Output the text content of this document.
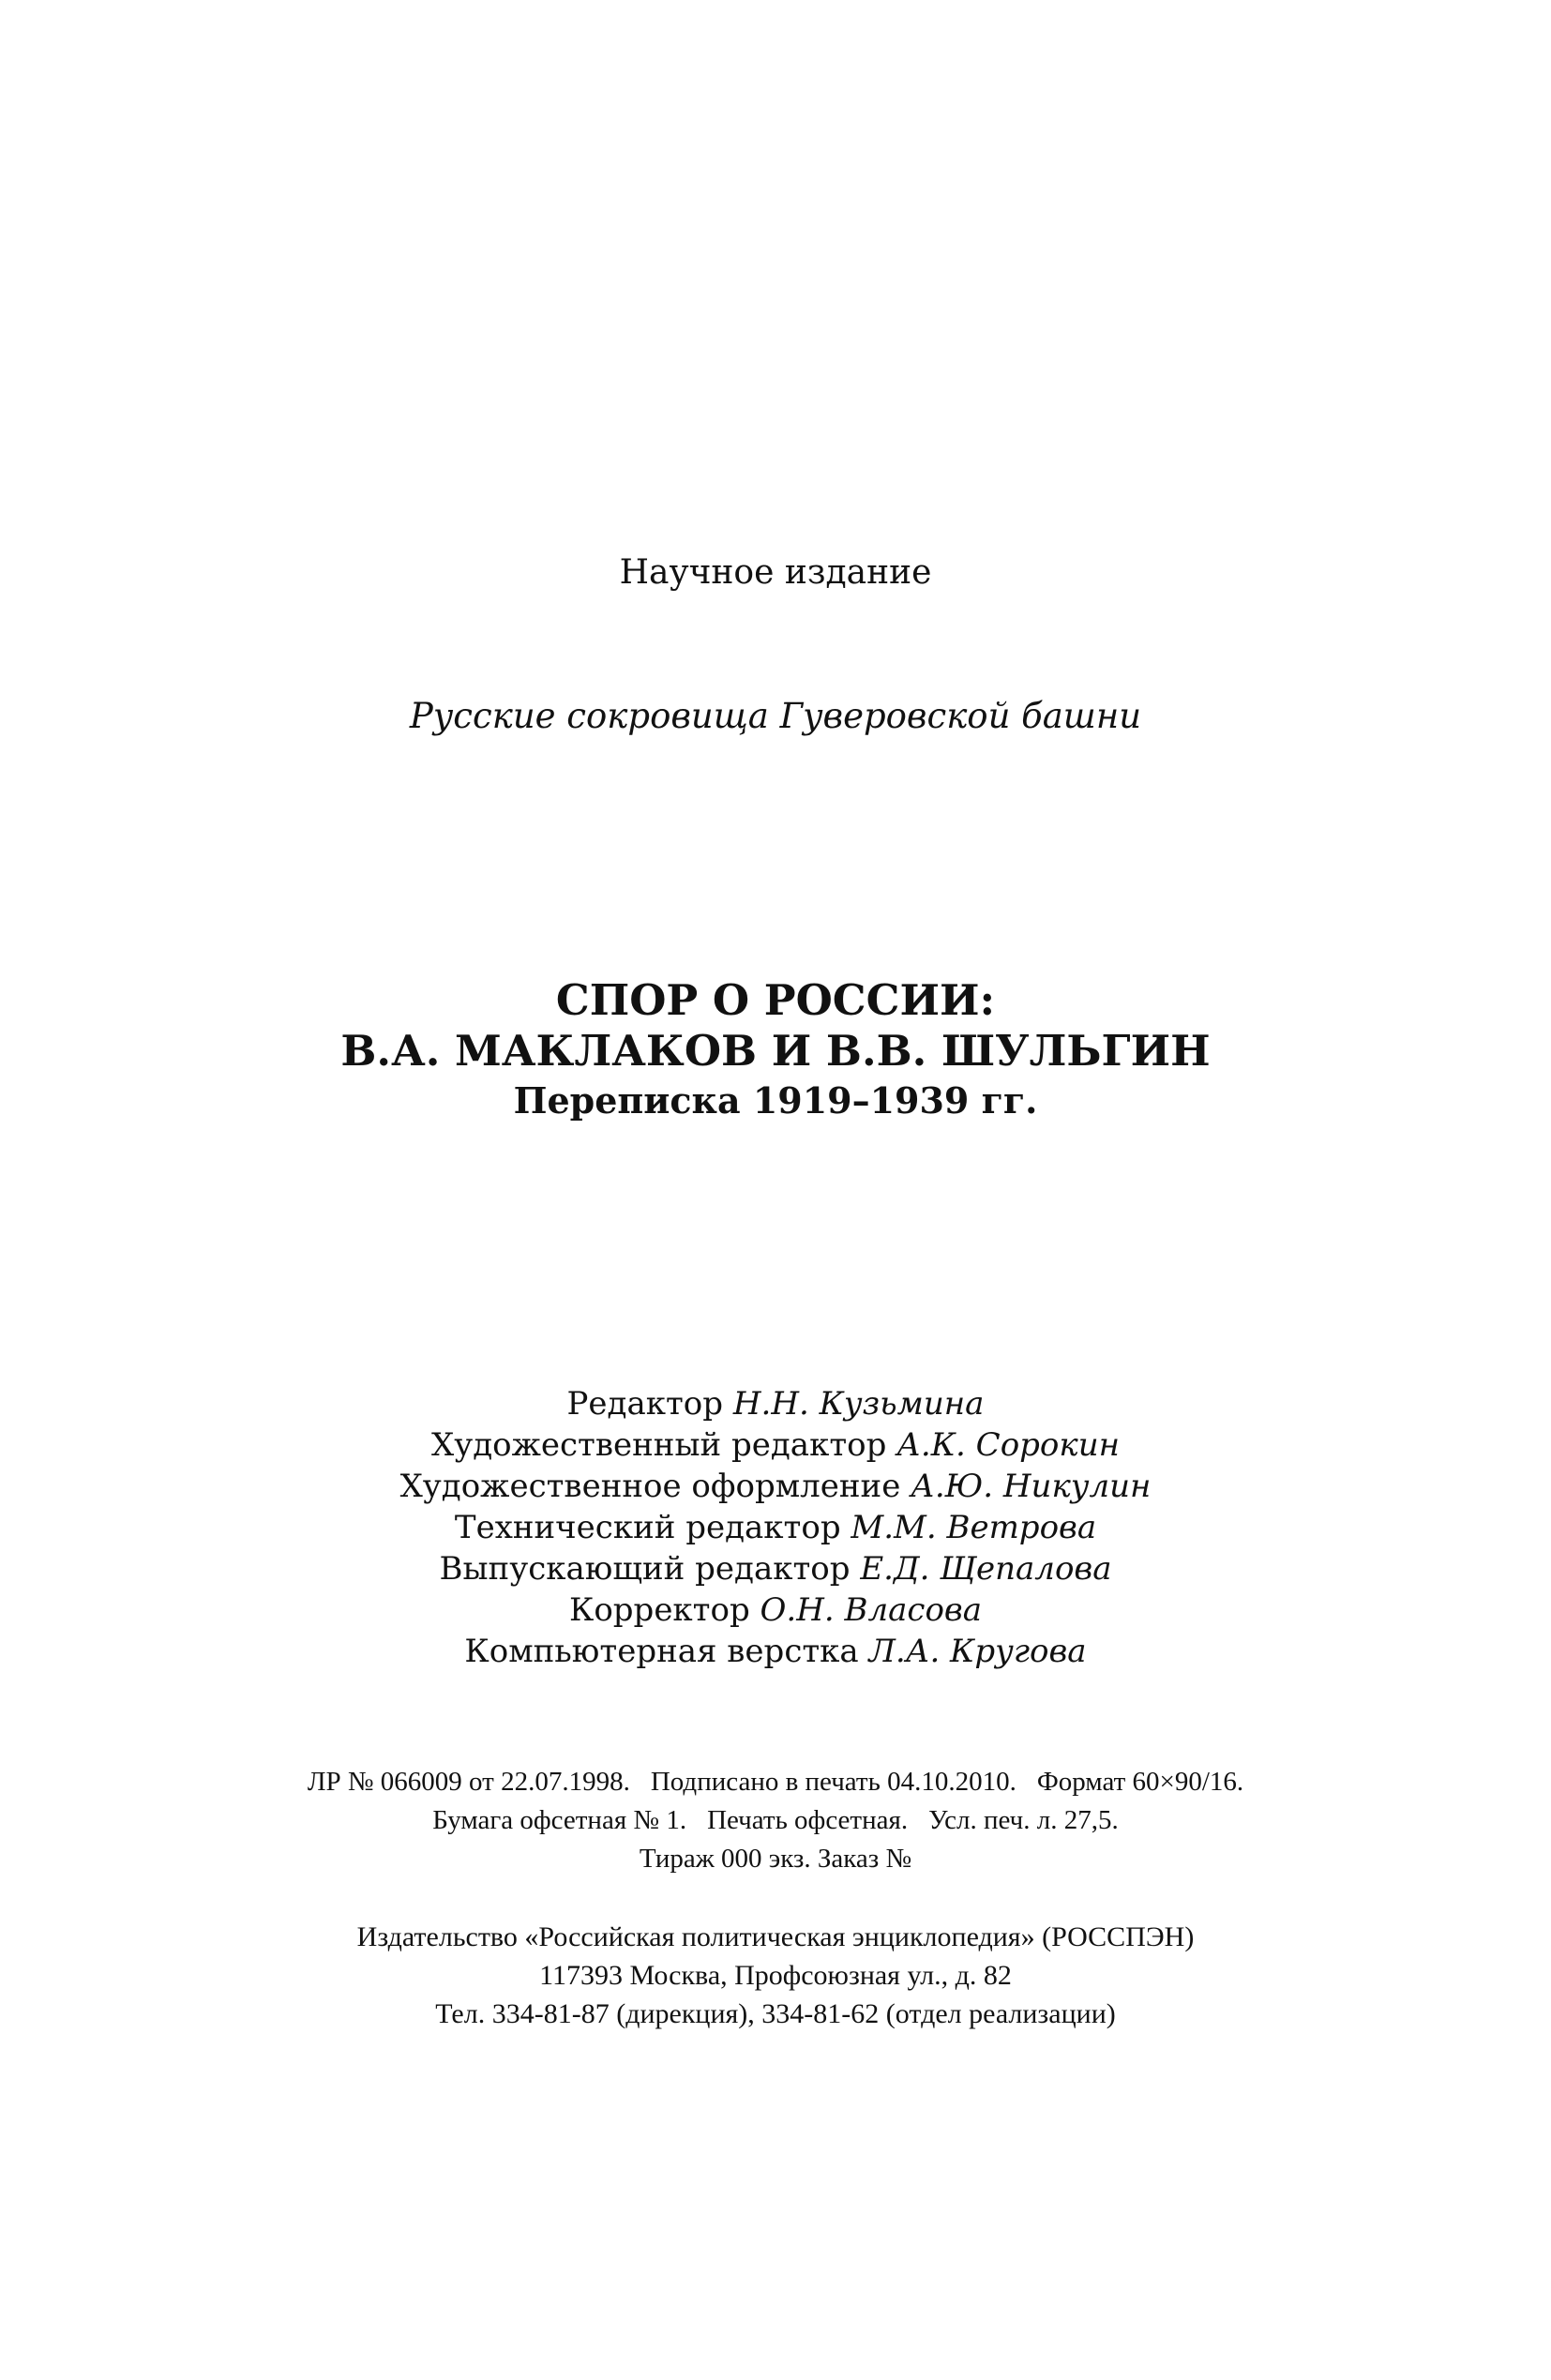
Научное издание
Русские сокровища Гуверовской башни
СПОР О РОССИИ:
В.А. МАКЛАКОВ И В.В. ШУЛЬГИН
Переписка 1919–1939 гг.
Редактор Н.Н. Кузьмина
Художественный редактор А.К. Сорокин
Художественное оформление А.Ю. Никулин
Технический редактор М.М. Ветрова
Выпускающий редактор Е.Д. Щепалова
Корректор О.Н. Власова
Компьютерная верстка Л.А. Кругова
ЛР № 066009 от 22.07.1998. Подписано в печать 04.10.2010. Формат 60×90/16.
Бумага офсетная № 1. Печать офсетная. Усл. печ. л. 27,5.
Тираж 000 экз. Заказ №
Издательство «Российская политическая энциклопедия» (РОССПЭН)
117393 Москва, Профсоюзная ул., д. 82
Тел. 334-81-87 (дирекция), 334-81-62 (отдел реализации)
